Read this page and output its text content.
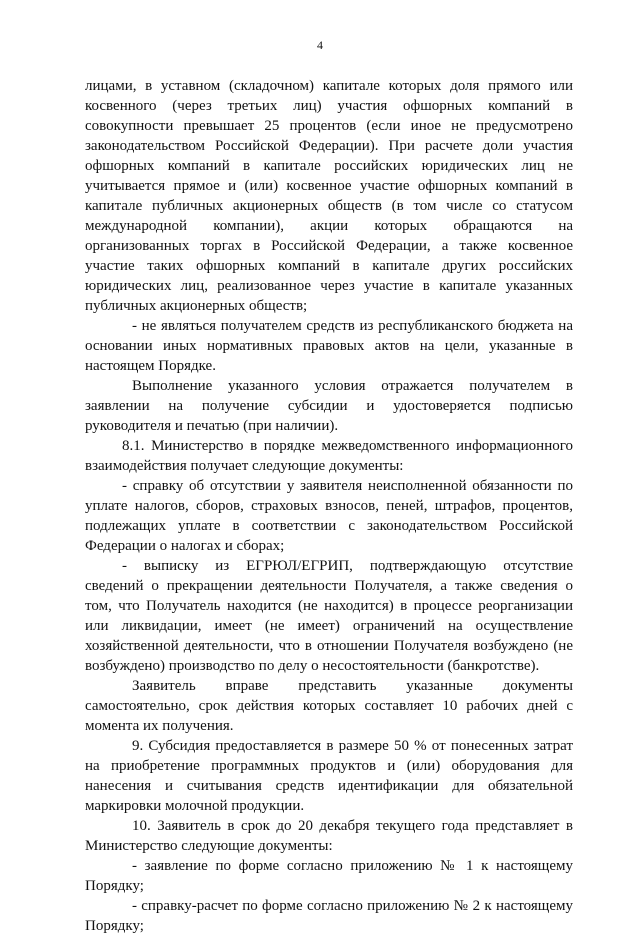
4
лицами, в уставном (складочном) капитале которых доля прямого или
косвенного (через третьих лиц) участия офшорных компаний в
совокупности превышает 25 процентов (если иное не предусмотрено
законодательством Российской Федерации). При расчете доли участия
офшорных компаний в капитале российских юридических лиц не
учитывается прямое и (или) косвенное участие офшорных компаний в
капитале публичных акционерных обществ (в том числе со статусом
международной компании), акции которых обращаются на
организованных торгах в Российской Федерации, а также косвенное
участие таких офшорных компаний в капитале других российских
юридических лиц, реализованное через участие в капитале указанных
публичных акционерных обществ;
- не являться получателем средств из республиканского бюджета на
основании иных нормативных правовых актов на цели, указанные в
настоящем Порядке.
Выполнение указанного условия отражается получателем в
заявлении на получение субсидии и удостоверяется подписью
руководителя и печатью (при наличии).
8.1. Министерство в порядке межведомственного информационного
взаимодействия получает следующие документы:
- справку об отсутствии у заявителя неисполненной обязанности по
уплате налогов, сборов, страховых взносов, пеней, штрафов, процентов,
подлежащих уплате в соответствии с законодательством Российской
Федерации о налогах и сборах;
- выписку из ЕГРЮЛ/ЕГРИП, подтверждающую отсутствие
сведений о прекращении деятельности Получателя, а также сведения о
том, что Получатель находится (не находится) в процессе реорганизации
или ликвидации, имеет (не имеет) ограничений на осуществление
хозяйственной деятельности, что в отношении Получателя возбуждено (не
возбуждено) производство по делу о несостоятельности (банкротстве).
Заявитель вправе представить указанные документы
самостоятельно, срок действия которых составляет 10 рабочих дней с
момента их получения.
9. Субсидия предоставляется в размере 50 % от понесенных затрат
на приобретение программных продуктов и (или) оборудования для
нанесения и считывания средств идентификации для обязательной
маркировки молочной продукции.
10. Заявитель в срок до 20 декабря текущего года представляет в
Министерство следующие документы:
- заявление по форме согласно приложению № 1 к настоящему
Порядку;
- справку-расчет по форме согласно приложению № 2 к настоящему
Порядку;
